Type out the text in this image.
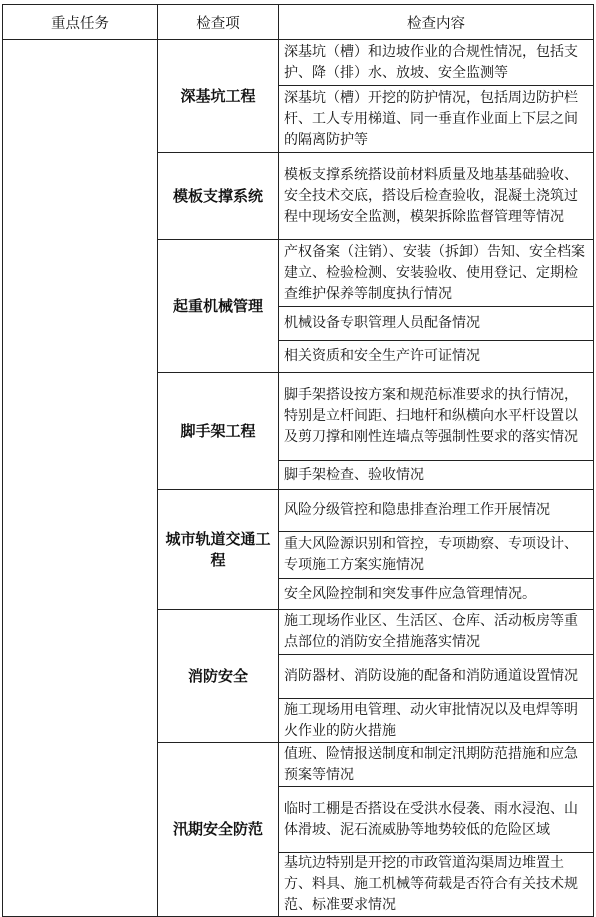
重点任务	检查项	检查内容
	深基坑工程	深基坑（槽）和边坡作业的合规性情况，包括支护、降（排）水、放坡、安全监测等
		深基坑（槽）开挖的防护情况，包括周边防护栏杆、工人专用梯道、同一垂直作业面上下层之间的隔离防护等
	模板支撑系统	模板支撑系统搭设前材料质量及地基基础验收、安全技术交底，搭设后检查验收，混凝土浇筑过程中现场安全监测，模架拆除监督管理等情况
	起重机械管理	产权备案（注销）、安装（拆卸）告知、安全档案建立、检验检测、安装验收、使用登记、定期检查维护保养等制度执行情况
		机械设备专职管理人员配备情况
		相关资质和安全生产许可证情况
	脚手架工程	脚手架搭设按方案和规范标准要求的执行情况，特别是立杆间距、扫地杆和纵横向水平杆设置以及剪刀撑和刚性连墙点等强制性要求的落实情况
		脚手架检查、验收情况
	城市轨道交通工程	风险分级管控和隐患排查治理工作开展情况
		重大风险源识别和管控，专项勘察、专项设计、专项施工方案实施情况
		安全风险控制和突发事件应急管理情况。
	消防安全	施工现场作业区、生活区、仓库、活动板房等重点部位的消防安全措施落实情况
		消防器材、消防设施的配备和消防通道设置情况
		施工现场用电管理、动火审批情况以及电焊等明火作业的防火措施
	汛期安全防范	值班、险情报送制度和制定汛期防范措施和应急预案等情况
		临时工棚是否搭设在受洪水侵袭、雨水浸泡、山体滑坡、泥石流威胁等地势较低的危险区域
		基坑边特别是开挖的市政管道沟渠周边堆置土方、料具、施工机械等荷载是否符合有关技术规范、标准要求情况
